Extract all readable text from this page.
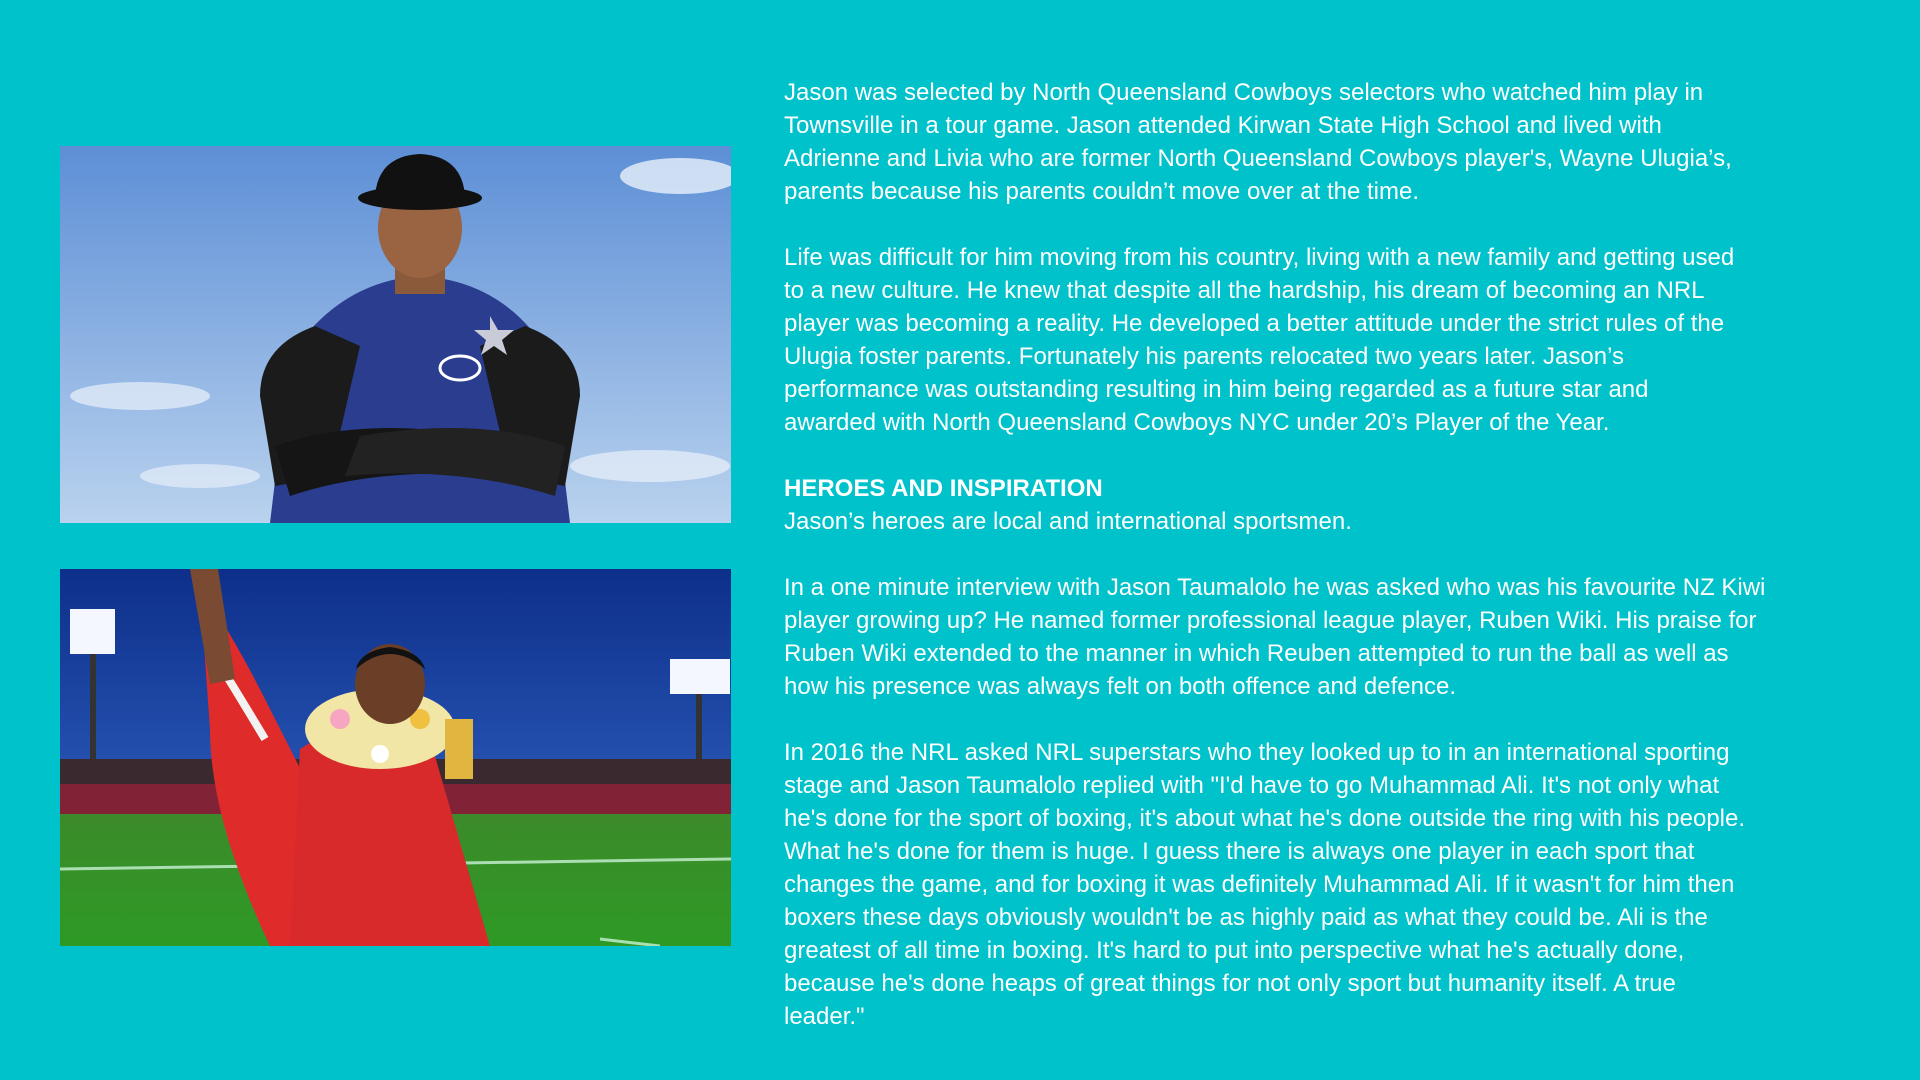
Jason was selected by North Queensland Cowboys selectors who watched him play in
Townsville in a tour game. Jason attended Kirwan State High School and lived with
Adrienne and Livia who are former North Queensland Cowboys player's, Wayne Ulugia’s,
parents because his parents couldn’t move over at the time.

Life was difficult for him moving from his country, living with a new family and getting used
to a new culture. He knew that despite all the hardship, his dream of becoming an NRL
player was becoming a reality. He developed a better attitude under the strict rules of the
Ulugia foster parents. Fortunately his parents relocated two years later. Jason’s
performance was outstanding resulting in him being regarded as a future star and
awarded with North Queensland Cowboys NYC under 20’s Player of the Year.

HEROES AND INSPIRATION

Jason’s heroes are local and international sportsmen.

In a one minute interview with Jason Taumalolo he was asked who was his favourite NZ Kiwi
player growing up? He named former professional league player, Ruben Wiki. His praise for
Ruben Wiki extended to the manner in which Reuben attempted to run the ball as well as
how his presence was always felt on both offence and defence.

In 2016 the NRL asked NRL superstars who they looked up to in an international sporting
stage and Jason Taumalolo replied with "I'd have to go Muhammad Ali. It's not only what
he's done for the sport of boxing, it's about what he's done outside the ring with his people.
What he's done for them is huge. I guess there is always one player in each sport that
changes the game, and for boxing it was definitely Muhammad Ali. If it wasn't for him then
boxers these days obviously wouldn't be as highly paid as what they could be. Ali is the
greatest of all time in boxing. It's hard to put into perspective what he's actually done,
because he's done heaps of great things for not only sport but humanity itself. A true
leader."
